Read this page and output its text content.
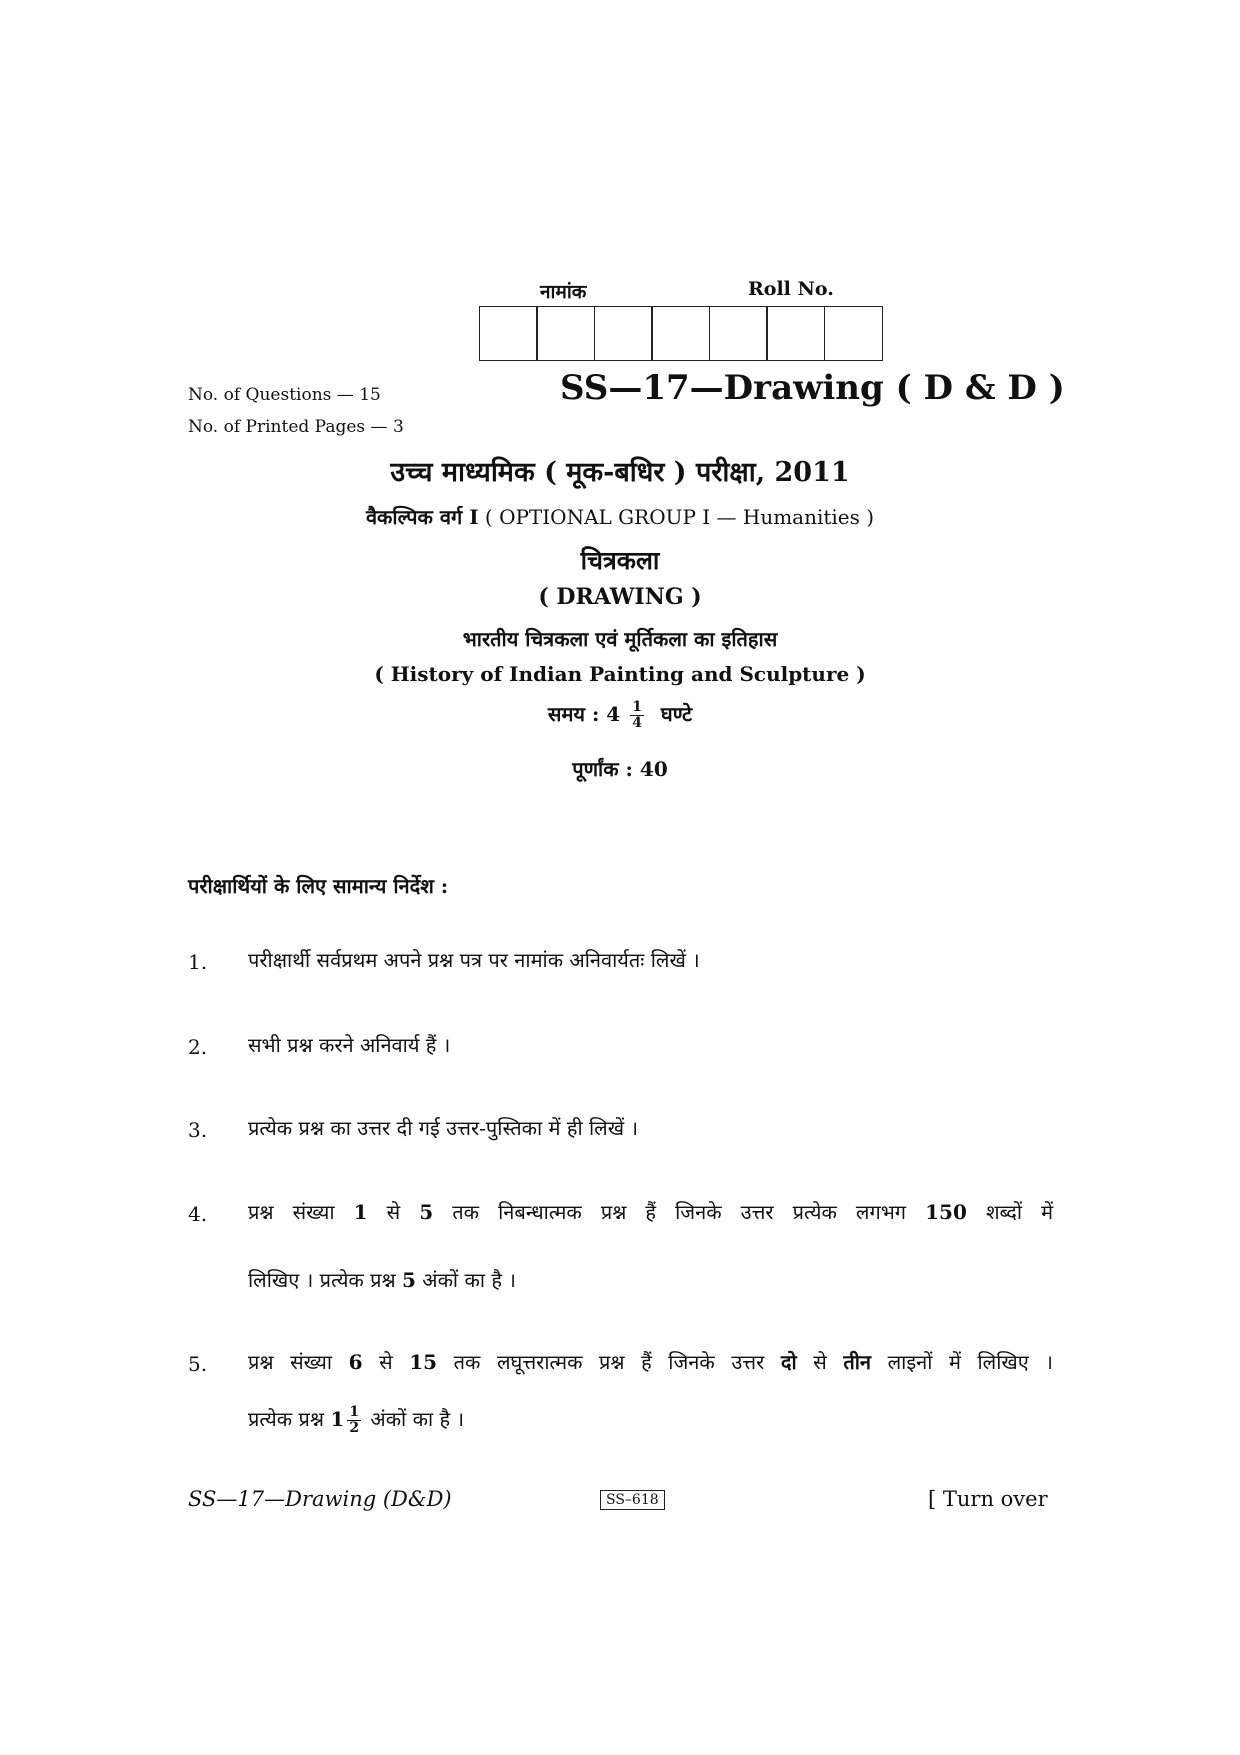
नामांक	Roll No.
No. of Questions — 15
No. of Printed Pages — 3
SS—17—Drawing ( D & D )
उच्च माध्यमिक ( मूक-बधिर ) परीक्षा, 2011
वैकल्पिक वर्ग I ( OPTIONAL GROUP I — Humanities )
चित्रकला
( DRAWING )
भारतीय चित्रकला एवं मूर्तिकला का इतिहास
( History of Indian Painting and Sculpture )
समय : $4 \frac{1}{4}$ घण्टे
पूर्णांक : 40
परीक्षार्थियों के लिए सामान्य निर्देश :
1. परीक्षार्थी सर्वप्रथम अपने प्रश्न पत्र पर नामांक अनिवार्यतः लिखें ।
2. सभी प्रश्न करने अनिवार्य हैं ।
3. प्रत्येक प्रश्न का उत्तर दी गई उत्तर-पुस्तिका में ही लिखें ।
4. प्रश्न संख्या 1 से 5 तक निबन्धात्मक प्रश्न हैं जिनके उत्तर प्रत्येक लगभग 150 शब्दों में
लिखिए । प्रत्येक प्रश्न 5 अंकों का है ।
5. प्रश्न संख्या 6 से 15 तक लघूत्तरात्मक प्रश्न हैं जिनके उत्तर दो से तीन लाइनों में लिखिए ।
प्रत्येक प्रश्न $1 \frac{1}{2}$ अंकों का है ।
SS—17—Drawing (D&D)	SS–618	[ Turn over
